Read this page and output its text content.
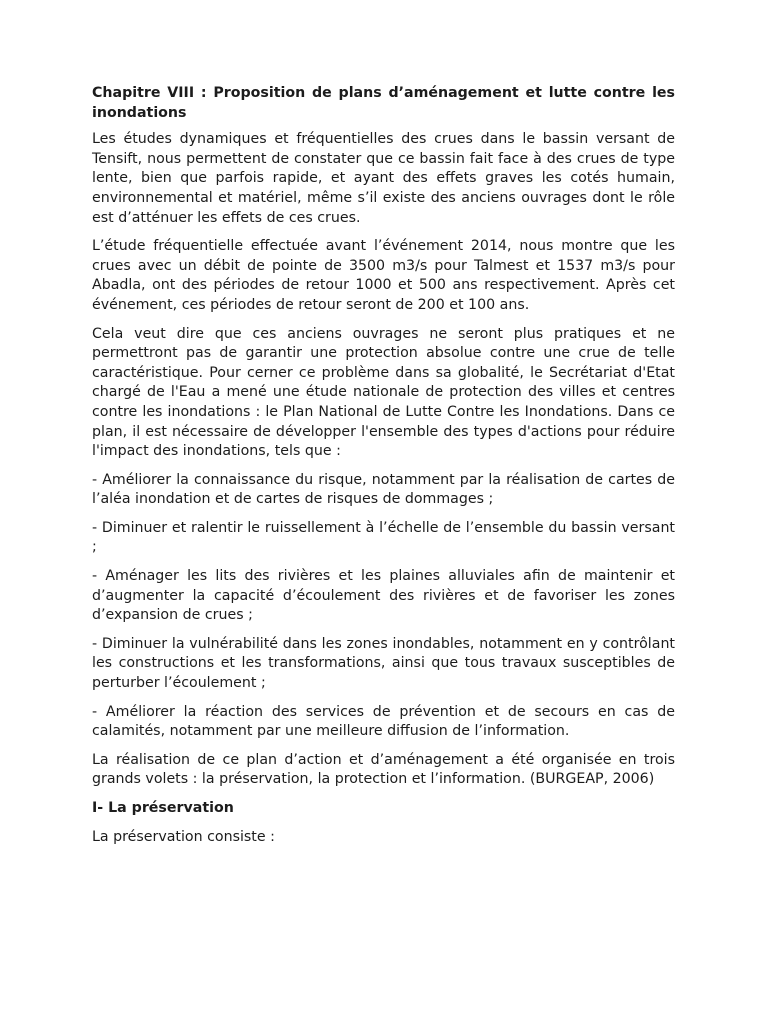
Chapitre VIII : Proposition de plans d’aménagement et lutte contre les inondations

Les études dynamiques et fréquentielles des crues dans le bassin versant de Tensift, nous permettent de constater que ce bassin fait face à des crues de type lente, bien que parfois rapide, et ayant des effets graves les cotés humain, environnemental et matériel, même s’il existe des anciens ouvrages dont le rôle est d’atténuer les effets de ces crues.

L’étude fréquentielle effectuée avant l’événement 2014, nous montre que les crues avec un débit de pointe de 3500 m3/s pour Talmest et 1537 m3/s pour Abadla, ont des périodes de retour 1000 et 500 ans respectivement. Après cet événement, ces périodes de retour seront de 200 et 100 ans.

Cela veut dire que ces anciens ouvrages ne seront plus pratiques et ne permettront pas de garantir une protection absolue contre une crue de telle caractéristique. Pour cerner ce problème dans sa globalité, le Secrétariat d'Etat chargé de l'Eau a mené une étude nationale de protection des villes et centres contre les inondations : le Plan National de Lutte Contre les Inondations. Dans ce plan, il est nécessaire de développer l'ensemble des types d'actions pour réduire l'impact des inondations, tels que :

- Améliorer la connaissance du risque, notamment par la réalisation de cartes de l’aléa inondation et de cartes de risques de dommages ;

- Diminuer et ralentir le ruissellement à l’échelle de l’ensemble du bassin versant ;

- Aménager les lits des rivières et les plaines alluviales afin de maintenir et d’augmenter la capacité d’écoulement des rivières et de favoriser les zones d’expansion de crues ;

- Diminuer la vulnérabilité dans les zones inondables, notamment en y contrôlant les constructions et les transformations, ainsi que tous travaux susceptibles de perturber l’écoulement ;

- Améliorer la réaction des services de prévention et de secours en cas de calamités, notamment par une meilleure diffusion de l’information.

La réalisation de ce plan d’action et d’aménagement a été organisée en trois grands volets : la préservation, la protection et l’information. (BURGEAP, 2006)

I- La préservation

La préservation consiste :
